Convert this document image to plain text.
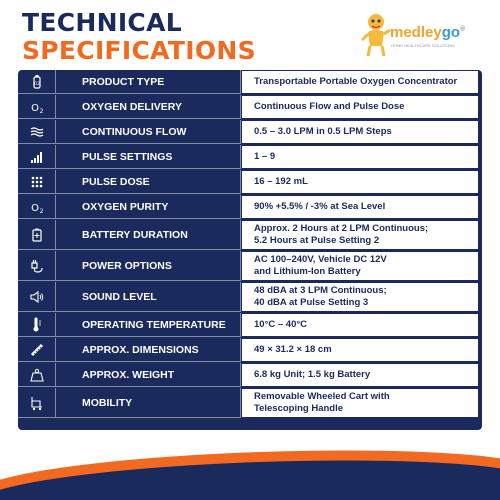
TECHNICAL
SPECIFICATIONS
medleygo®
HOME HEALTHCARE SOLUTIONS
O2	PRODUCT TYPE	Transportable Portable Oxygen Concentrator
O 2	OXYGEN DELIVERY	Continuous Flow and Pulse Dose
CONTINUOUS FLOW	0.5 – 3.0 LPM in 0.5 LPM Steps
PULSE SETTINGS	1 – 9
PULSE DOSE	16 – 192 mL
O 2	OXYGEN PURITY	90% +5.5% / -3% at Sea Level
BATTERY DURATION	Approx. 2 Hours at 2 LPM Continuous;
5.2 Hours at Pulse Setting 2
POWER OPTIONS	AC 100–240V, Vehicle DC 12V
and Lithium-Ion Battery
SOUND LEVEL	48 dBA at 3 LPM Continuous;
40 dBA at Pulse Setting 3
OPERATING TEMPERATURE	10°C – 40°C
APPROX. DIMENSIONS	49 × 31.2 × 18 cm
APPROX. WEIGHT	6.8 kg Unit; 1.5 kg Battery
MOBILITY	Removable Wheeled Cart with
Telescoping Handle
